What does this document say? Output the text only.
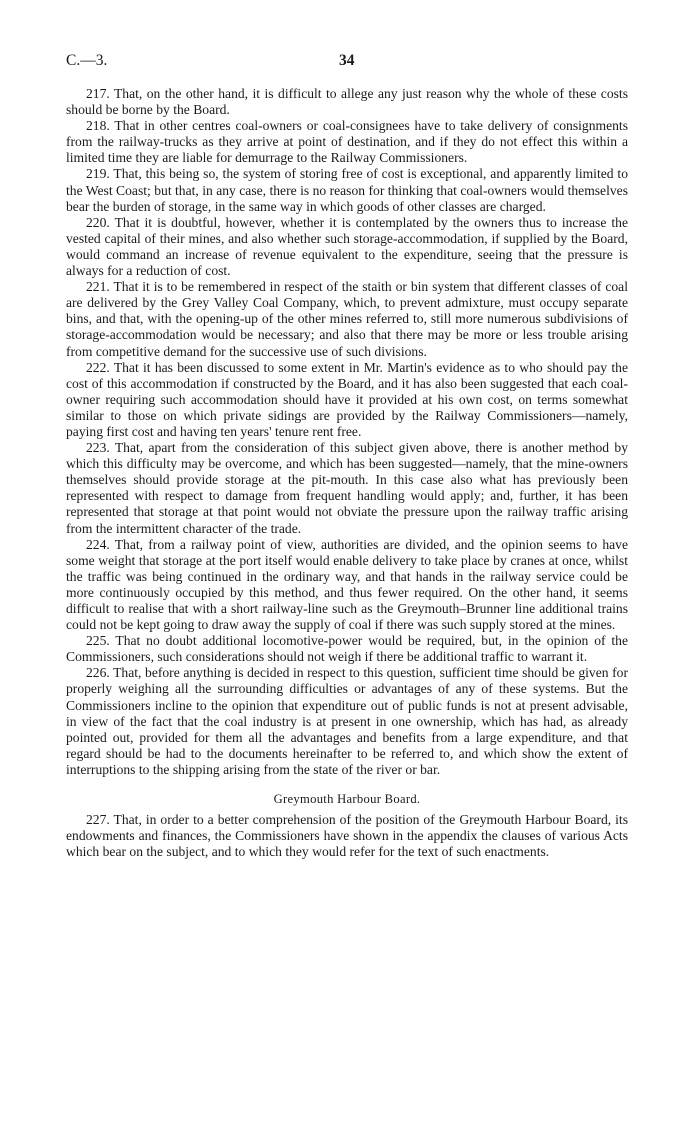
C.—3.	34

217. That, on the other hand, it is difficult to allege any just reason why the whole of these costs should be borne by the Board.

218. That in other centres coal-owners or coal-consignees have to take delivery of consignments from the railway-trucks as they arrive at point of destination, and if they do not effect this within a limited time they are liable for demurrage to the Railway Commissioners.

219. That, this being so, the system of storing free of cost is exceptional, and apparently limited to the West Coast; but that, in any case, there is no reason for thinking that coal-owners would themselves bear the burden of storage, in the same way in which goods of other classes are charged.

220. That it is doubtful, however, whether it is contemplated by the owners thus to increase the vested capital of their mines, and also whether such storage-accommodation, if supplied by the Board, would command an increase of revenue equivalent to the expenditure, seeing that the pressure is always for a reduction of cost.

221. That it is to be remembered in respect of the staith or bin system that different classes of coal are delivered by the Grey Valley Coal Company, which, to prevent admixture, must occupy separate bins, and that, with the opening-up of the other mines referred to, still more numerous subdivisions of storage-accommodation would be necessary; and also that there may be more or less trouble arising from competitive demand for the successive use of such divisions.

222. That it has been discussed to some extent in Mr. Martin's evidence as to who should pay the cost of this accommodation if constructed by the Board, and it has also been suggested that each coal-owner requiring such accommodation should have it provided at his own cost, on terms somewhat similar to those on which private sidings are provided by the Railway Commissioners—namely, paying first cost and having ten years' tenure rent free.

223. That, apart from the consideration of this subject given above, there is another method by which this difficulty may be overcome, and which has been suggested—namely, that the mine-owners themselves should provide storage at the pit-mouth. In this case also what has previously been represented with respect to damage from frequent handling would apply; and, further, it has been represented that storage at that point would not obviate the pressure upon the railway traffic arising from the intermittent character of the trade.

224. That, from a railway point of view, authorities are divided, and the opinion seems to have some weight that storage at the port itself would enable delivery to take place by cranes at once, whilst the traffic was being continued in the ordinary way, and that hands in the railway service could be more continuously occupied by this method, and thus fewer required. On the other hand, it seems difficult to realise that with a short railway-line such as the Greymouth–Brunner line additional trains could not be kept going to draw away the supply of coal if there was such supply stored at the mines.

225. That no doubt additional locomotive-power would be required, but, in the opinion of the Commissioners, such considerations should not weigh if there be additional traffic to warrant it.

226. That, before anything is decided in respect to this question, sufficient time should be given for properly weighing all the surrounding difficulties or advantages of any of these systems. But the Commissioners incline to the opinion that expenditure out of public funds is not at present advisable, in view of the fact that the coal industry is at present in one ownership, which has had, as already pointed out, provided for them all the advantages and benefits from a large expenditure, and that regard should be had to the documents hereinafter to be referred to, and which show the extent of interruptions to the shipping arising from the state of the river or bar.

Greymouth Harbour Board.

227. That, in order to a better comprehension of the position of the Greymouth Harbour Board, its endowments and finances, the Commissioners have shown in the appendix the clauses of various Acts which bear on the subject, and to which they would refer for the text of such enactments.
